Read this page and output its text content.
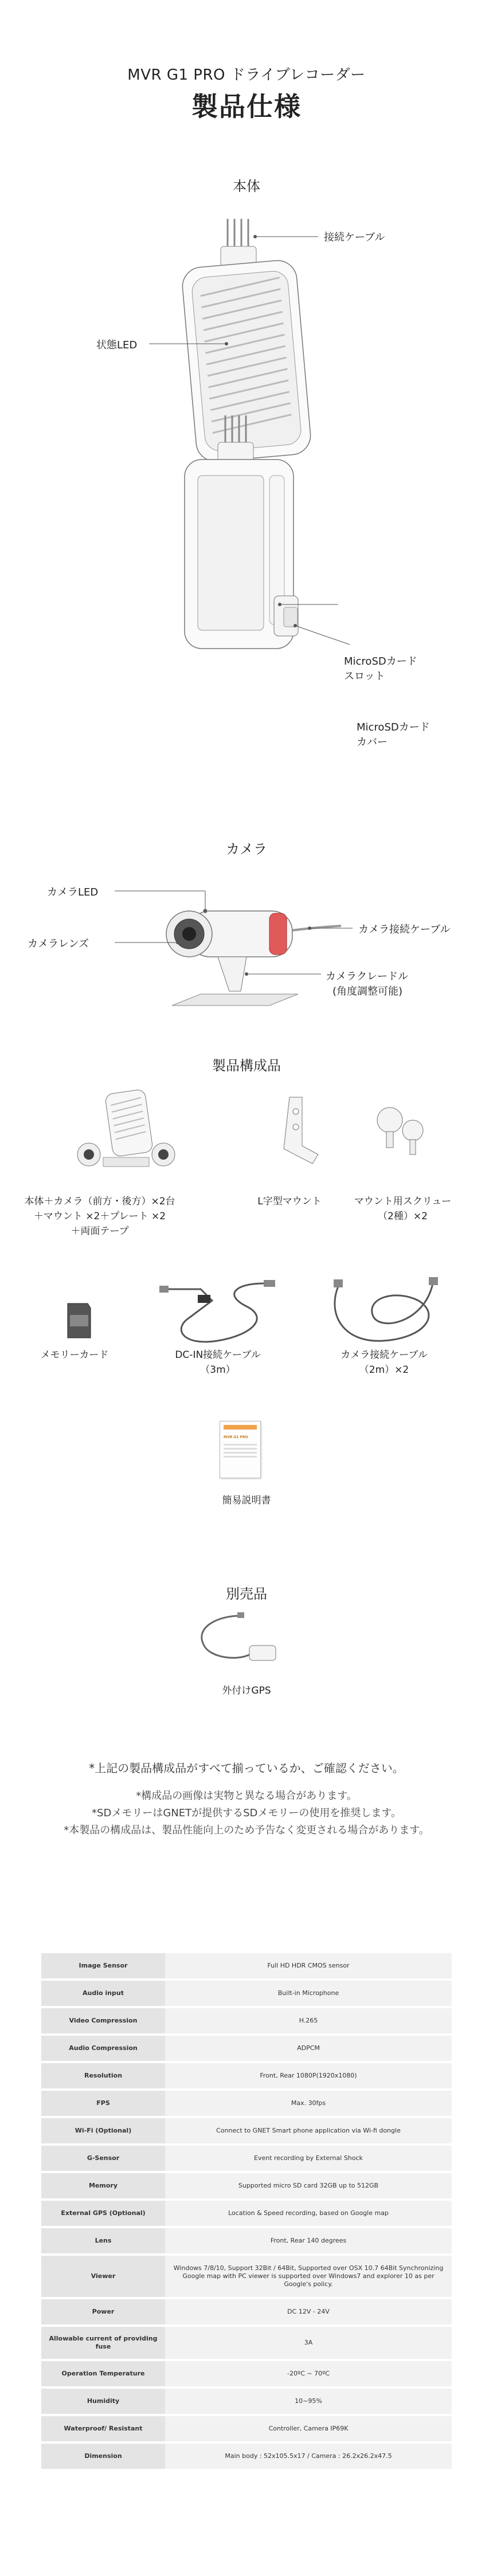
MVR G1 PRO ドライブレコーダー
製品仕様
本体
接続ケーブル
状態LED
MicroSDカード
スロット
MicroSDカード
カバー
カメラ
カメラLED
カメラレンズ
カメラ接続ケーブル
カメラクレードル
(角度調整可能)
製品構成品
本体＋カメラ（前方・後方）×2台
＋マウント ×2＋プレート ×2
＋両面テープ
L字型マウント	マウント用スクリュー
（2種）×2
メモリーカード	DC-IN接続ケーブル
（3m）
カメラ接続ケーブル
（2m）×2
MVR G1 PRO
簡易説明書
別売品
外付けGPS
*上記の製品構成品がすべて揃っているか、ご確認ください。
*構成品の画像は実物と異なる場合があります。
*SDメモリーはGNETが提供するSDメモリーの使用を推奨します。
*本製品の構成品は、製品性能向上のため予告なく変更される場合があります。
Image Sensor	Full HD HDR CMOS sensor
Audio input	Built-in Microphone
Video Compression	H.265
Audio Compression	ADPCM
Resolution	Front, Rear 1080P(1920x1080)
FPS	Max. 30fps
Wi-Fi (Optional)	Connect to GNET Smart phone application via Wi-fi dongle
G-Sensor	Event recording by External Shock
Memory	Supported micro SD card 32GB up to 512GB
External GPS (Optional)	Location & Speed recording, based on Google map
Lens	Front, Rear 140 degrees
Viewer	Windows 7/8/10, Support 32Bit / 64Bit, Supported over OSX 10.7 64Bit Synchronizing Google map with PC viewer is supported over Windows7 and explorer 10 as per Google's policy.
Power	DC 12V - 24V
Allowable current of providing fuse	3A
Operation Temperature	-20ºC ~ 70ºC
Humidity	10~95%
Waterproof/ Resistant	Controller, Camera IP69K
Dimension	Main body : 52x105.5x17 / Camera : 26.2x26.2x47.5
